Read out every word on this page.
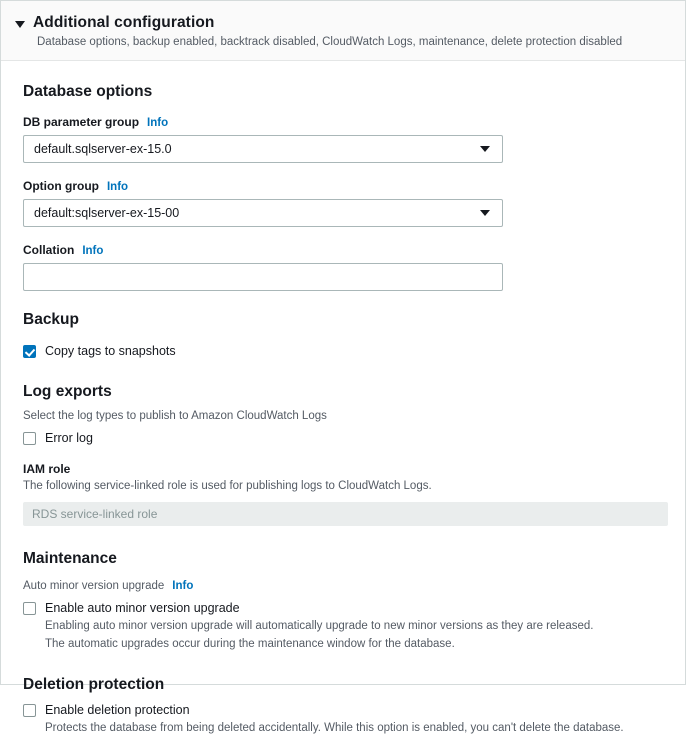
Additional configuration
Database options, backup enabled, backtrack disabled, CloudWatch Logs, maintenance, delete protection disabled
Database options
DB parameter group Info
default.sqlserver-ex-15.0
Option group Info
default:sqlserver-ex-15-00
Collation Info
Backup
Copy tags to snapshots
Log exports
Select the log types to publish to Amazon CloudWatch Logs
Error log
IAM role
The following service-linked role is used for publishing logs to CloudWatch Logs.
RDS service-linked role
Maintenance
Auto minor version upgrade Info
Enable auto minor version upgrade
Enabling auto minor version upgrade will automatically upgrade to new minor versions as they are released.
The automatic upgrades occur during the maintenance window for the database.
Deletion protection
Enable deletion protection
Protects the database from being deleted accidentally. While this option is enabled, you can't delete the database.
